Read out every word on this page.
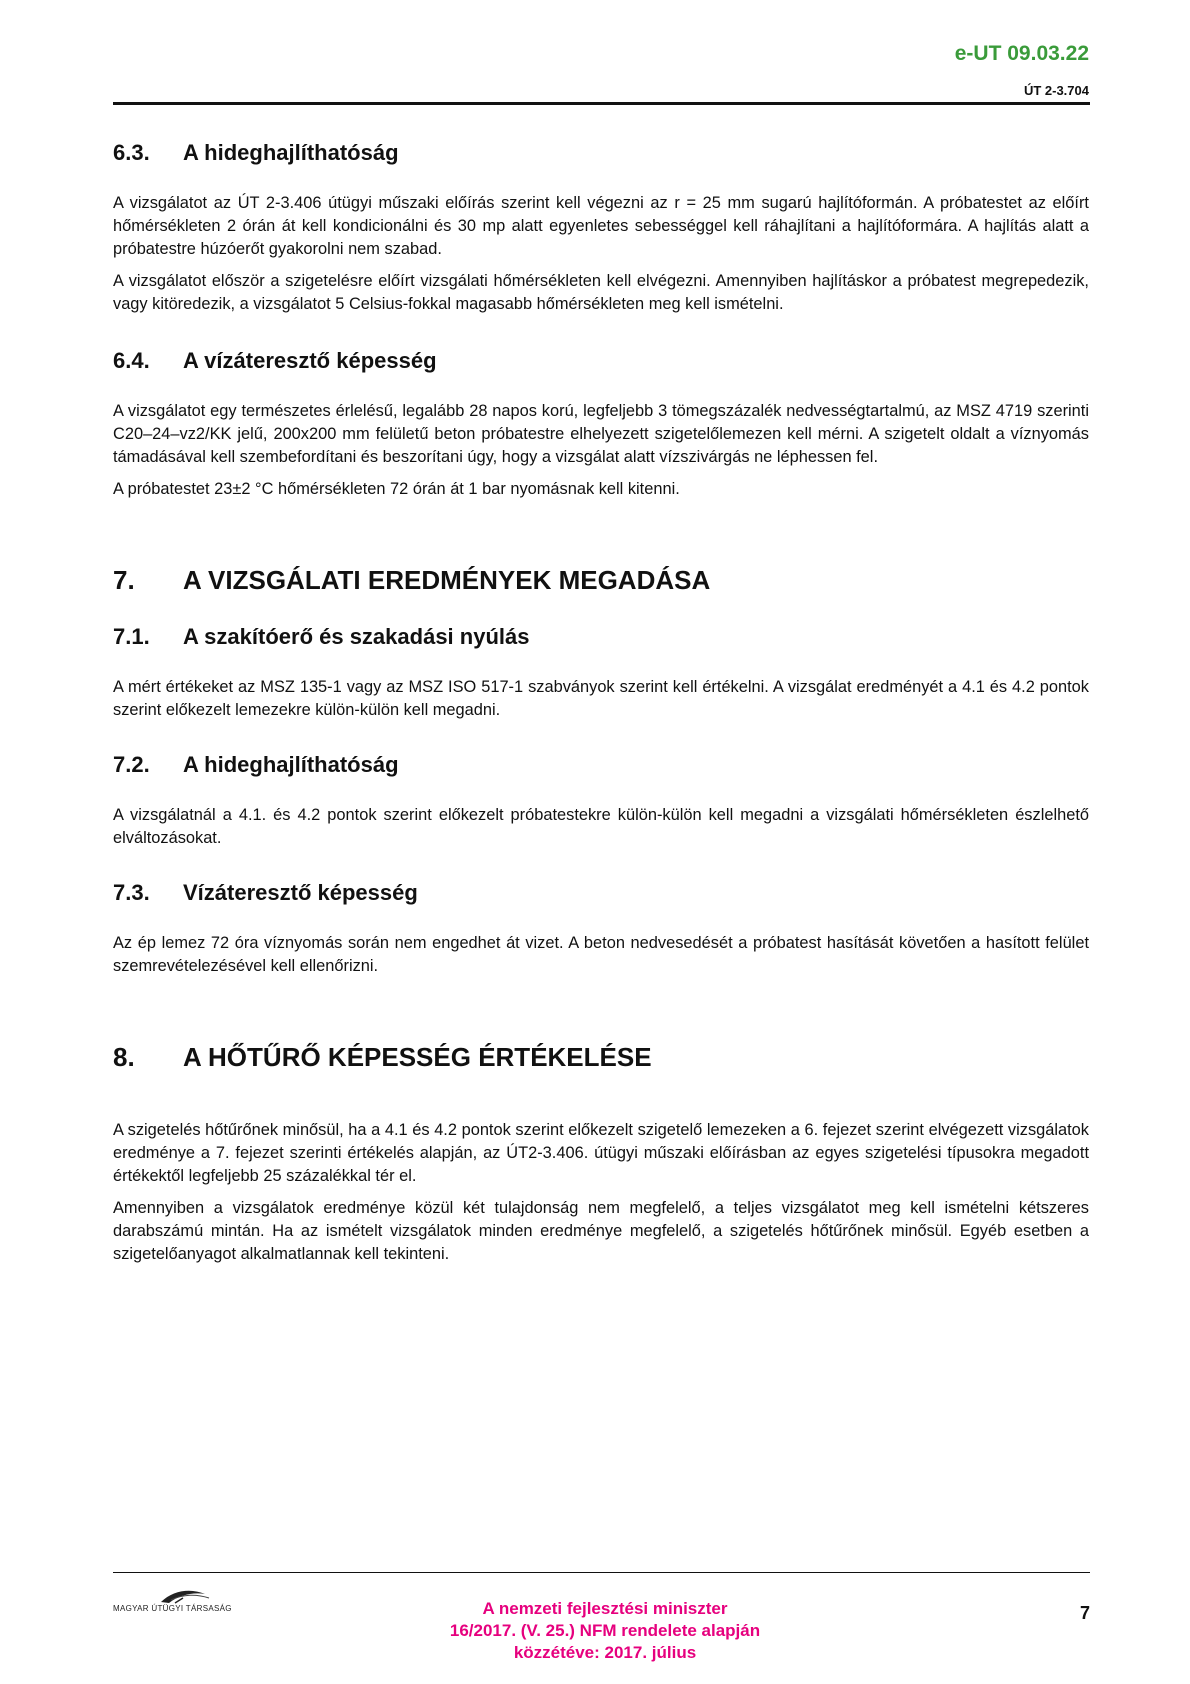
e-UT 09.03.22
ÚT 2-3.704
6.3.	A hideghajlíthatóság

A vizsgálatot az ÚT 2-3.406 útügyi műszaki előírás szerint kell végezni az r = 25 mm sugarú hajlítóformán. A próbatestet az előírt hőmérsékleten 2 órán át kell kondicionálni és 30 mp alatt egyenletes sebességgel kell ráhajlítani a hajlítóformára. A hajlítás alatt a próbatestre húzóerőt gyakorolni nem szabad.

A vizsgálatot először a szigetelésre előírt vizsgálati hőmérsékleten kell elvégezni. Amennyiben hajlításkor a próbatest megrepedezik, vagy kitöredezik, a vizsgálatot 5 Celsius-fokkal magasabb hőmérsékleten meg kell ismételni.

6.4.	A vízáteresztő képesség

A vizsgálatot egy természetes érlelésű, legalább 28 napos korú, legfeljebb 3 tömegszázalék nedvességtartalmú, az MSZ 4719 szerinti C20–24–vz2/KK jelű, 200x200 mm felületű beton próbatestre elhelyezett szigetelőlemezen kell mérni. A szigetelt oldalt a víznyomás támadásával kell szembefordítani és beszorítani úgy, hogy a vizsgálat alatt vízszivárgás ne léphessen fel.

A próbatestet 23±2 °C hőmérsékleten 72 órán át 1 bar nyomásnak kell kitenni.

7.	A VIZSGÁLATI EREDMÉNYEK MEGADÁSA
7.1.	A szakítóerő és szakadási nyúlás

A mért értékeket az MSZ 135-1 vagy az MSZ ISO 517-1 szabványok szerint kell értékelni. A vizsgálat eredményét a 4.1 és 4.2 pontok szerint előkezelt lemezekre külön-külön kell megadni.

7.2.	A hideghajlíthatóság

A vizsgálatnál a 4.1. és 4.2 pontok szerint előkezelt próbatestekre külön-külön kell megadni a vizsgálati hőmérsékleten észlelhető elváltozásokat.

7.3.	Vízáteresztő képesség

Az ép lemez 72 óra víznyomás során nem engedhet át vizet. A beton nedvesedését a próbatest hasítását követően a hasított felület szemrevételezésével kell ellenőrizni.

8.	A HŐTŰRŐ KÉPESSÉG ÉRTÉKELÉSE

A szigetelés hőtűrőnek minősül, ha a 4.1 és 4.2 pontok szerint előkezelt szigetelő lemezeken a 6. fejezet szerint elvégezett vizsgálatok eredménye a 7. fejezet szerinti értékelés alapján, az ÚT2-3.406. útügyi műszaki előírásban az egyes szigetelési típusokra megadott értékektől legfeljebb 25 százalékkal tér el.

Amennyiben a vizsgálatok eredménye közül két tulajdonság nem megfelelő, a teljes vizsgálatot meg kell ismételni kétszeres darabszámú mintán. Ha az ismételt vizsgálatok minden eredménye megfelelő, a szigetelés hőtűrőnek minősül. Egyéb esetben a szigetelőanyagot alkalmatlannak kell tekinteni.

MAGYAR ÚTÜGYI TÁRSASÁG	A nemzeti fejlesztési miniszter
16/2017. (V. 25.) NFM rendelete alapján
közzétéve: 2017. július
7
